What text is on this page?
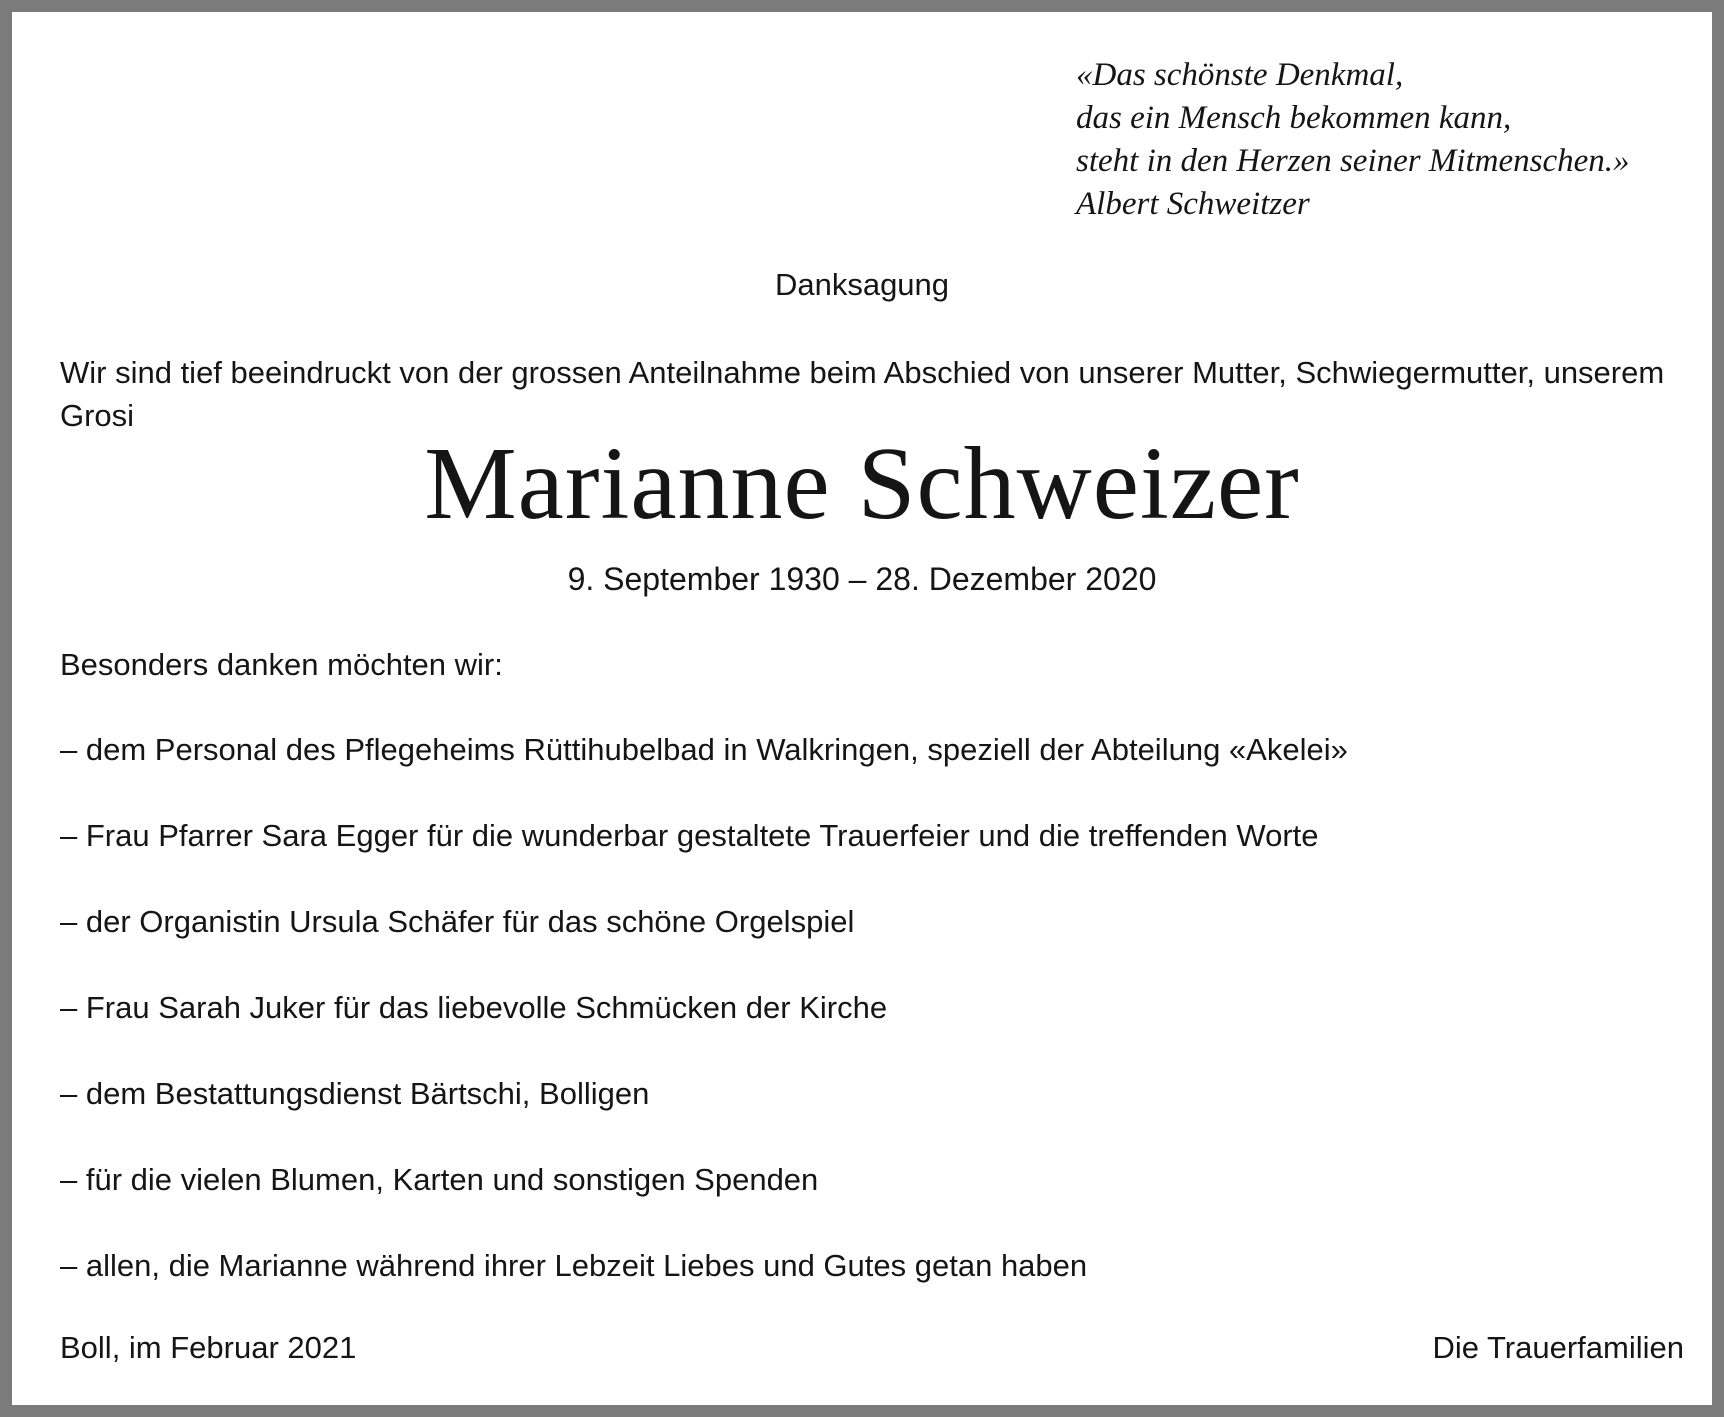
«Das schönste Denkmal,
das ein Mensch bekommen kann,
steht in den Herzen seiner Mitmenschen.»
Albert Schweitzer
Danksagung
Wir sind tief beeindruckt von der grossen Anteilnahme beim Abschied von unserer Mutter, Schwiegermutter, unserem Grosi
Marianne Schweizer
9. September 1930 – 28. Dezember 2020
Besonders danken möchten wir:
– dem Personal des Pflegeheims Rüttihubelbad in Walkringen, speziell der Abteilung «Akelei»
– Frau Pfarrer Sara Egger für die wunderbar gestaltete Trauerfeier und die treffenden Worte
– der Organistin Ursula Schäfer für das schöne Orgelspiel
– Frau Sarah Juker für das liebevolle Schmücken der Kirche
– dem Bestattungsdienst Bärtschi, Bolligen
– für die vielen Blumen, Karten und sonstigen Spenden
– allen, die Marianne während ihrer Lebzeit Liebes und Gutes getan haben
Boll, im Februar 2021	Die Trauerfamilien
